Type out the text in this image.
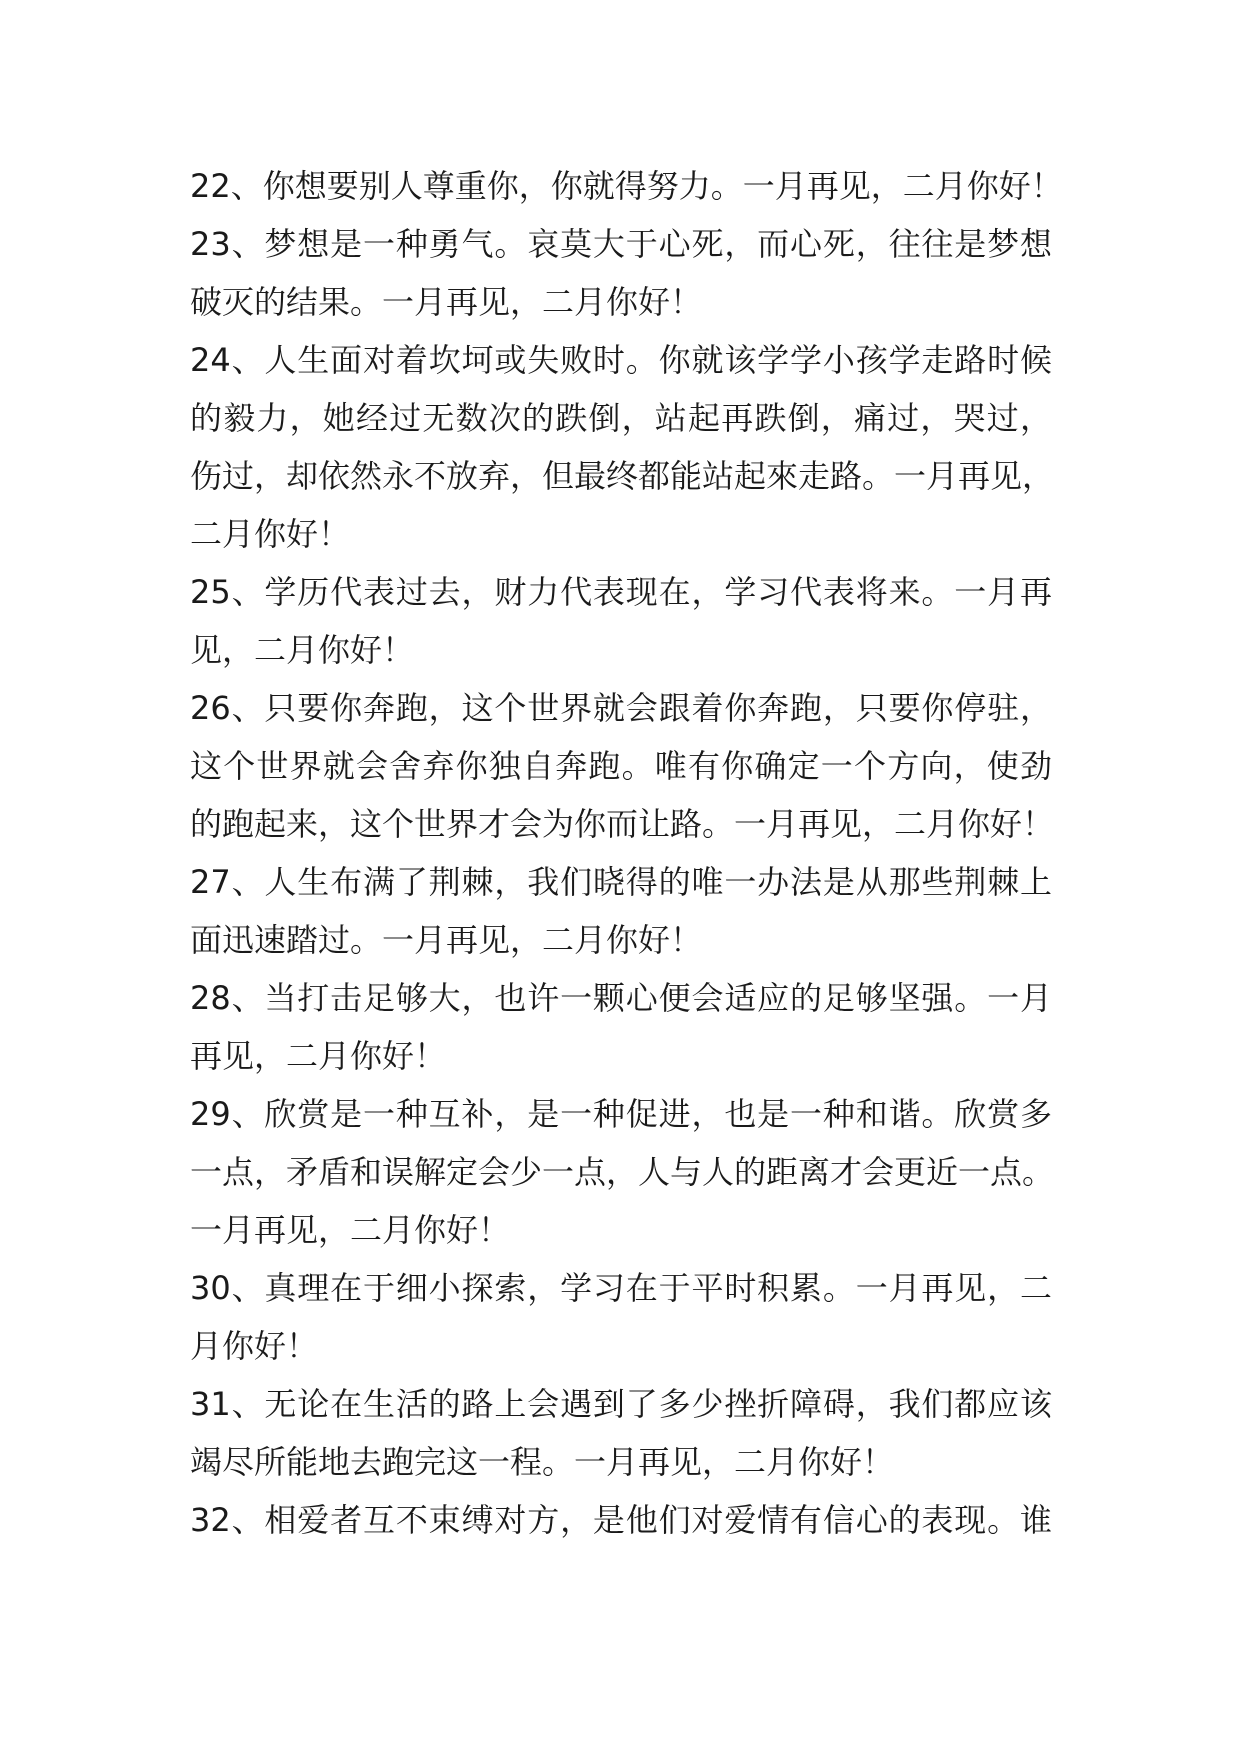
22、你想要别人尊重你，你就得努力。一月再见，二月你好！
23、梦想是一种勇气。哀莫大于心死，而心死，往往是梦想
破灭的结果。一月再见，二月你好！
24、人生面对着坎坷或失败时。你就该学学小孩学走路时候
的毅力，她经过无数次的跌倒，站起再跌倒，痛过，哭过，
伤过，却依然永不放弃，但最终都能站起來走路。一月再见，
二月你好！
25、学历代表过去，财力代表现在，学习代表将来。一月再
见，二月你好！
26、只要你奔跑，这个世界就会跟着你奔跑，只要你停驻，
这个世界就会舍弃你独自奔跑。唯有你确定一个方向，使劲
的跑起来，这个世界才会为你而让路。一月再见，二月你好！
27、人生布满了荆棘，我们晓得的唯一办法是从那些荆棘上
面迅速踏过。一月再见，二月你好！
28、当打击足够大，也许一颗心便会适应的足够坚强。一月
再见，二月你好！
29、欣赏是一种互补，是一种促进，也是一种和谐。欣赏多
一点，矛盾和误解定会少一点，人与人的距离才会更近一点。
一月再见，二月你好！
30、真理在于细小探索，学习在于平时积累。一月再见，二
月你好！
31、无论在生活的路上会遇到了多少挫折障碍，我们都应该
竭尽所能地去跑完这一程。一月再见，二月你好！
32、相爱者互不束缚对方，是他们对爱情有信心的表现。谁
